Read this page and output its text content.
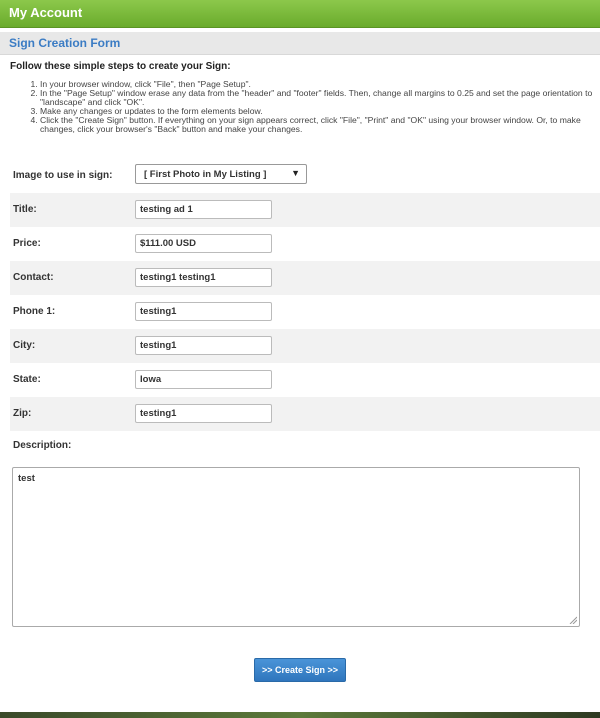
My Account
Sign Creation Form
Follow these simple steps to create your Sign:
1. In your browser window, click "File", then "Page Setup".
2. In the "Page Setup" window erase any data from the "header" and "footer" fields. Then, change all margins to 0.25 and set the page orientation to "landscape" and click "OK".
3. Make any changes or updates to the form elements below.
4. Click the "Create Sign" button. If everything on your sign appears correct, click "File", "Print" and "OK" using your browser window. Or, to make changes, click your browser's "Back" button and make your changes.
Image to use in sign:	[ First Photo in My Listing ]	▼
Title:
testing ad 1
Price:
$111.00 USD
Contact:
testing1 testing1
Phone 1:
testing1
City:
testing1
State:
Iowa
Zip:
testing1
Description:
test
>> Create Sign >>
